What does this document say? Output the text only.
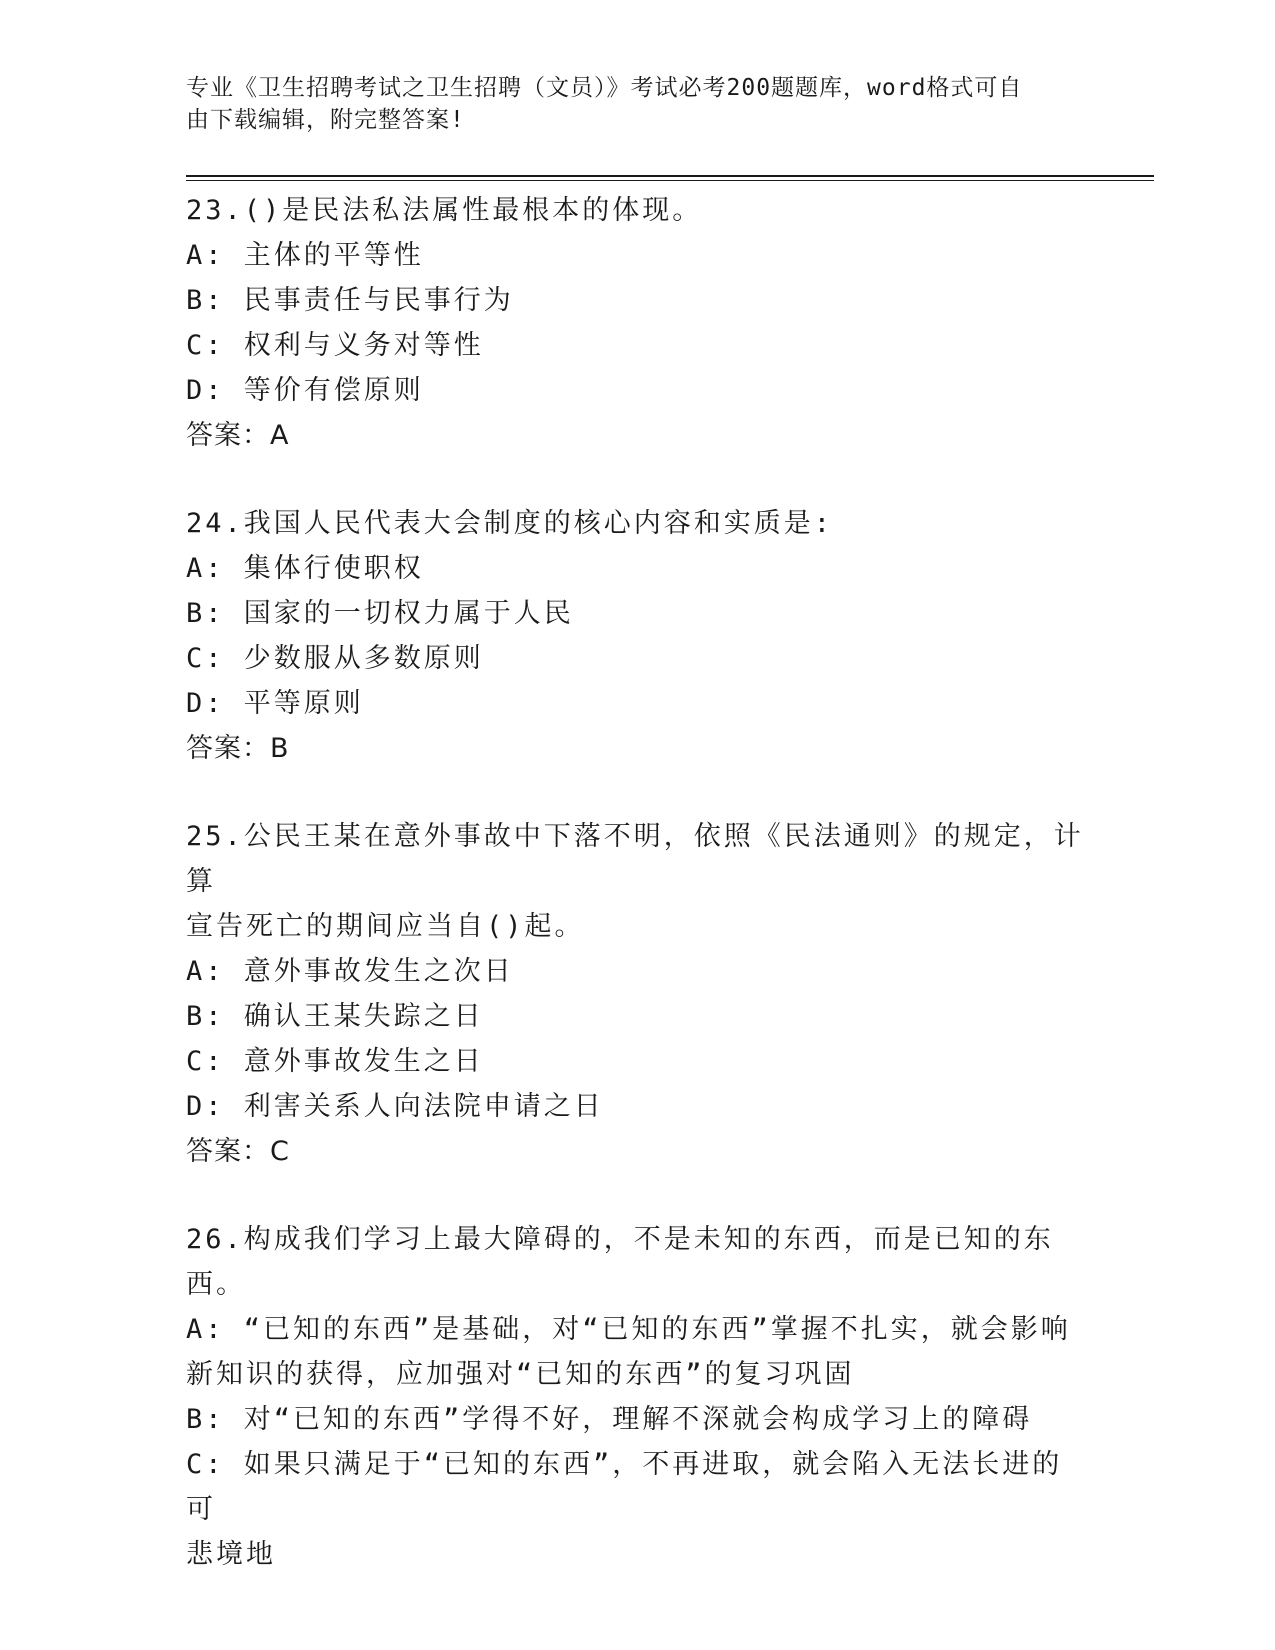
专业《卫生招聘考试之卫生招聘（文员）》考试必考200题题库，word格式可自
由下载编辑，附完整答案!
23.()是民法私法属性最根本的体现。
A: 主体的平等性
B: 民事责任与民事行为
C: 权利与义务对等性
D: 等价有偿原则
答案：A
24.我国人民代表大会制度的核心内容和实质是:
A: 集体行使职权
B: 国家的一切权力属于人民
C: 少数服从多数原则
D: 平等原则
答案：B
25.公民王某在意外事故中下落不明，依照《民法通则》的规定，计算
宣告死亡的期间应当自()起。
A: 意外事故发生之次日
B: 确认王某失踪之日
C: 意外事故发生之日
D: 利害关系人向法院申请之日
答案：C
26.构成我们学习上最大障碍的，不是未知的东西，而是已知的东西。
A: “已知的东西”是基础，对“已知的东西”掌握不扎实，就会影响
新知识的获得，应加强对“已知的东西”的复习巩固
B: 对“已知的东西”学得不好，理解不深就会构成学习上的障碍
C: 如果只满足于“已知的东西”，不再进取，就会陷入无法长进的可
悲境地
